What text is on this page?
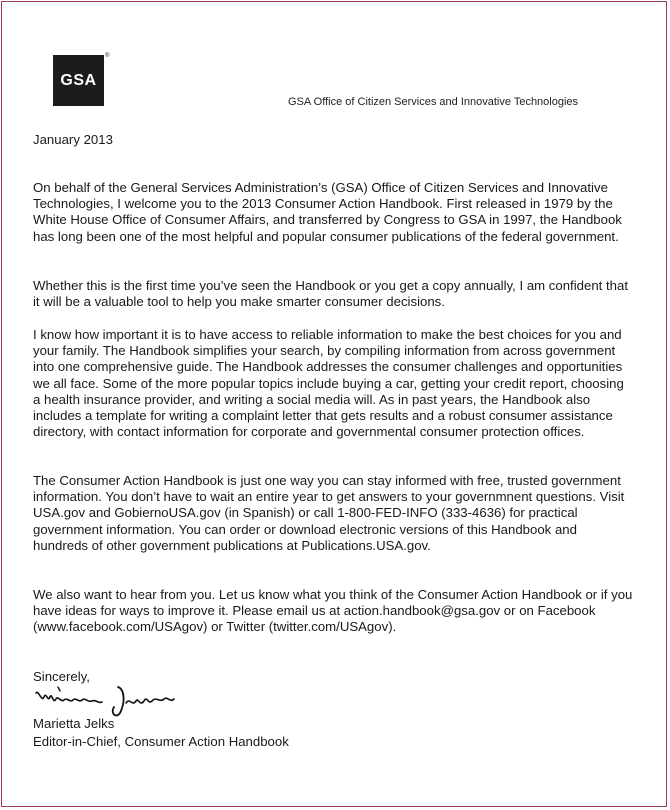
GSA
®
GSA Office of Citizen Services and Innovative Technologies
January 2013

On behalf of the General Services Administration’s (GSA) Office of Citizen Services and Innovative Technologies, I welcome you to the 2013 Consumer Action Handbook. First released in 1979 by the White House Office of Consumer Affairs, and transferred by Congress to GSA in 1997, the Handbook has long been one of the most helpful and popular consumer publications of the federal government.

Whether this is the first time you’ve seen the Handbook or you get a copy annually, I am confident that it will be a valuable tool to help you make smarter consumer decisions.

I know how important it is to have access to reliable information to make the best choices for you and your family. The Handbook simplifies your search, by compiling information from across government into one comprehensive guide. The Handbook addresses the consumer challenges and opportunities we all face. Some of the more popular topics include buying a car, getting your credit report, choosing a health insurance provider, and writing a social media will. As in past years, the Handbook also includes a template for writing a complaint letter that gets results and a robust consumer assistance directory, with contact information for corporate and governmental consumer protection offices.

The Consumer Action Handbook is just one way you can stay informed with free, trusted government information. You don’t have to wait an entire year to get answers to your governmnent questions. Visit USA.gov and GobiernoUSA.gov (in Spanish) or call 1-800-FED-INFO (333-4636) for practical government information. You can order or download electronic versions of this Handbook and hundreds of other government publications at Publications.USA.gov.

We also want to hear from you. Let us know what you think of the Consumer Action Handbook or if you have ideas for ways to improve it. Please email us at action.handbook@gsa.gov or on Facebook (www.facebook.com/USAgov) or Twitter (twitter.com/USAgov).

Sincerely,
Marietta Jelks
Editor-in-Chief, Consumer Action Handbook
